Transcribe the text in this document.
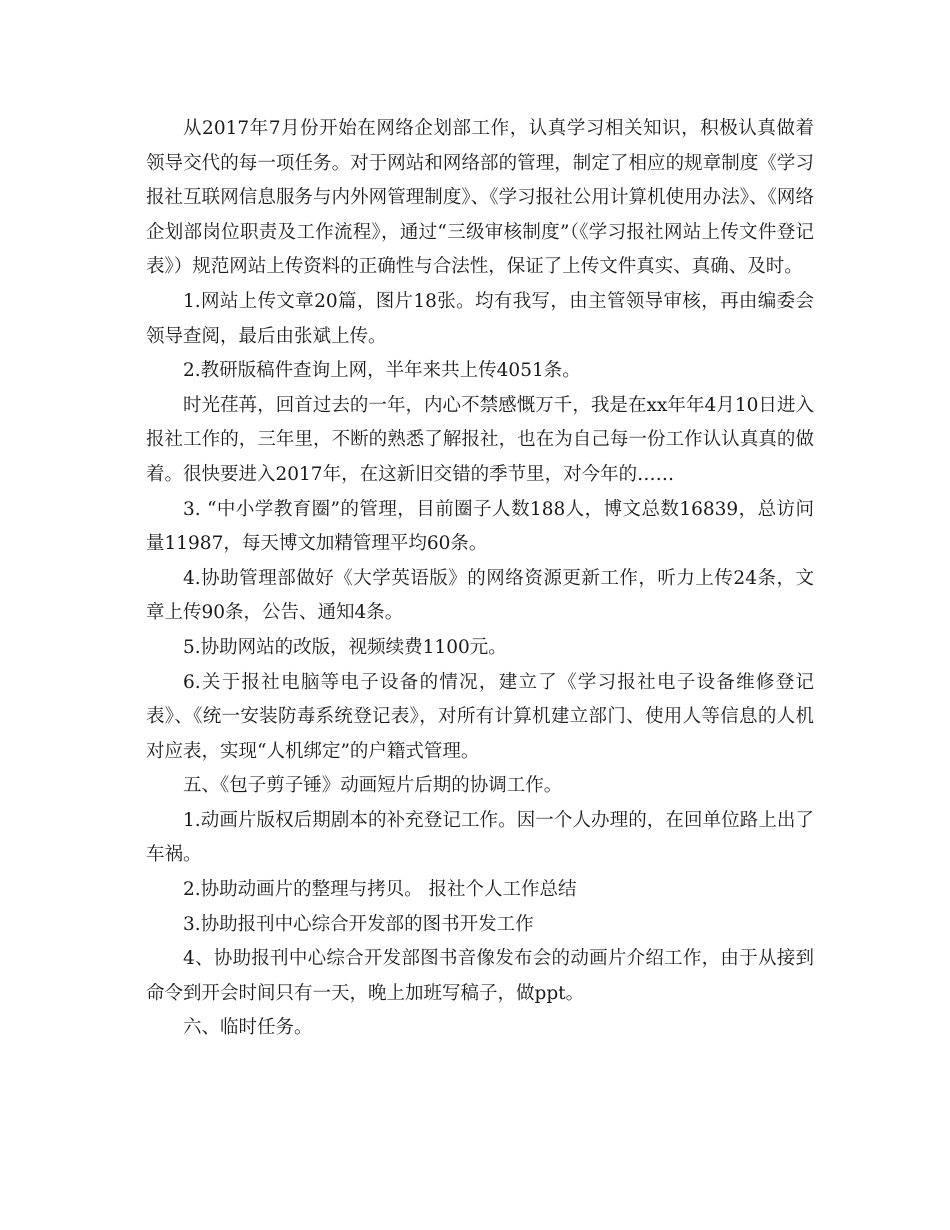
从2017年7月份开始在网络企划部工作，认真学习相关知识，积极认真做着领导交代的每一项任务。对于网站和网络部的管理，制定了相应的规章制度《学习报社互联网信息服务与内外网管理制度》、《学习报社公用计算机使用办法》、《网络企划部岗位职责及工作流程》，通过“三级审核制度”（《学习报社网站上传文件登记表》）规范网站上传资料的正确性与合法性，保证了上传文件真实、真确、及时。

1.网站上传文章20篇，图片18张。均有我写，由主管领导审核，再由编委会领导查阅，最后由张斌上传。

2.教研版稿件查询上网，半年来共上传4051条。

时光荏苒，回首过去的一年，内心不禁感慨万千，我是在xx年年4月10日进入报社工作的，三年里，不断的熟悉了解报社，也在为自己每一份工作认认真真的做着。很快要进入2017年，在这新旧交错的季节里，对今年的……

3. “中小学教育圈”的管理，目前圈子人数188人，博文总数16839，总访问量11987，每天博文加精管理平均60条。

4.协助管理部做好《大学英语版》的网络资源更新工作，听力上传24条，文章上传90条，公告、通知4条。

5.协助网站的改版，视频续费1100元。

6.关于报社电脑等电子设备的情况，建立了《学习报社电子设备维修登记表》、《统一安装防毒系统登记表》，对所有计算机建立部门、使用人等信息的人机对应表，实现“人机绑定”的户籍式管理。

五、《包子剪子锤》动画短片后期的协调工作。

1.动画片版权后期剧本的补充登记工作。因一个人办理的，在回单位路上出了车祸。

2.协助动画片的整理与拷贝。 报社个人工作总结

3.协助报刊中心综合开发部的图书开发工作

4、协助报刊中心综合开发部图书音像发布会的动画片介绍工作，由于从接到命令到开会时间只有一天，晚上加班写稿子，做ppt。

六、临时任务。
